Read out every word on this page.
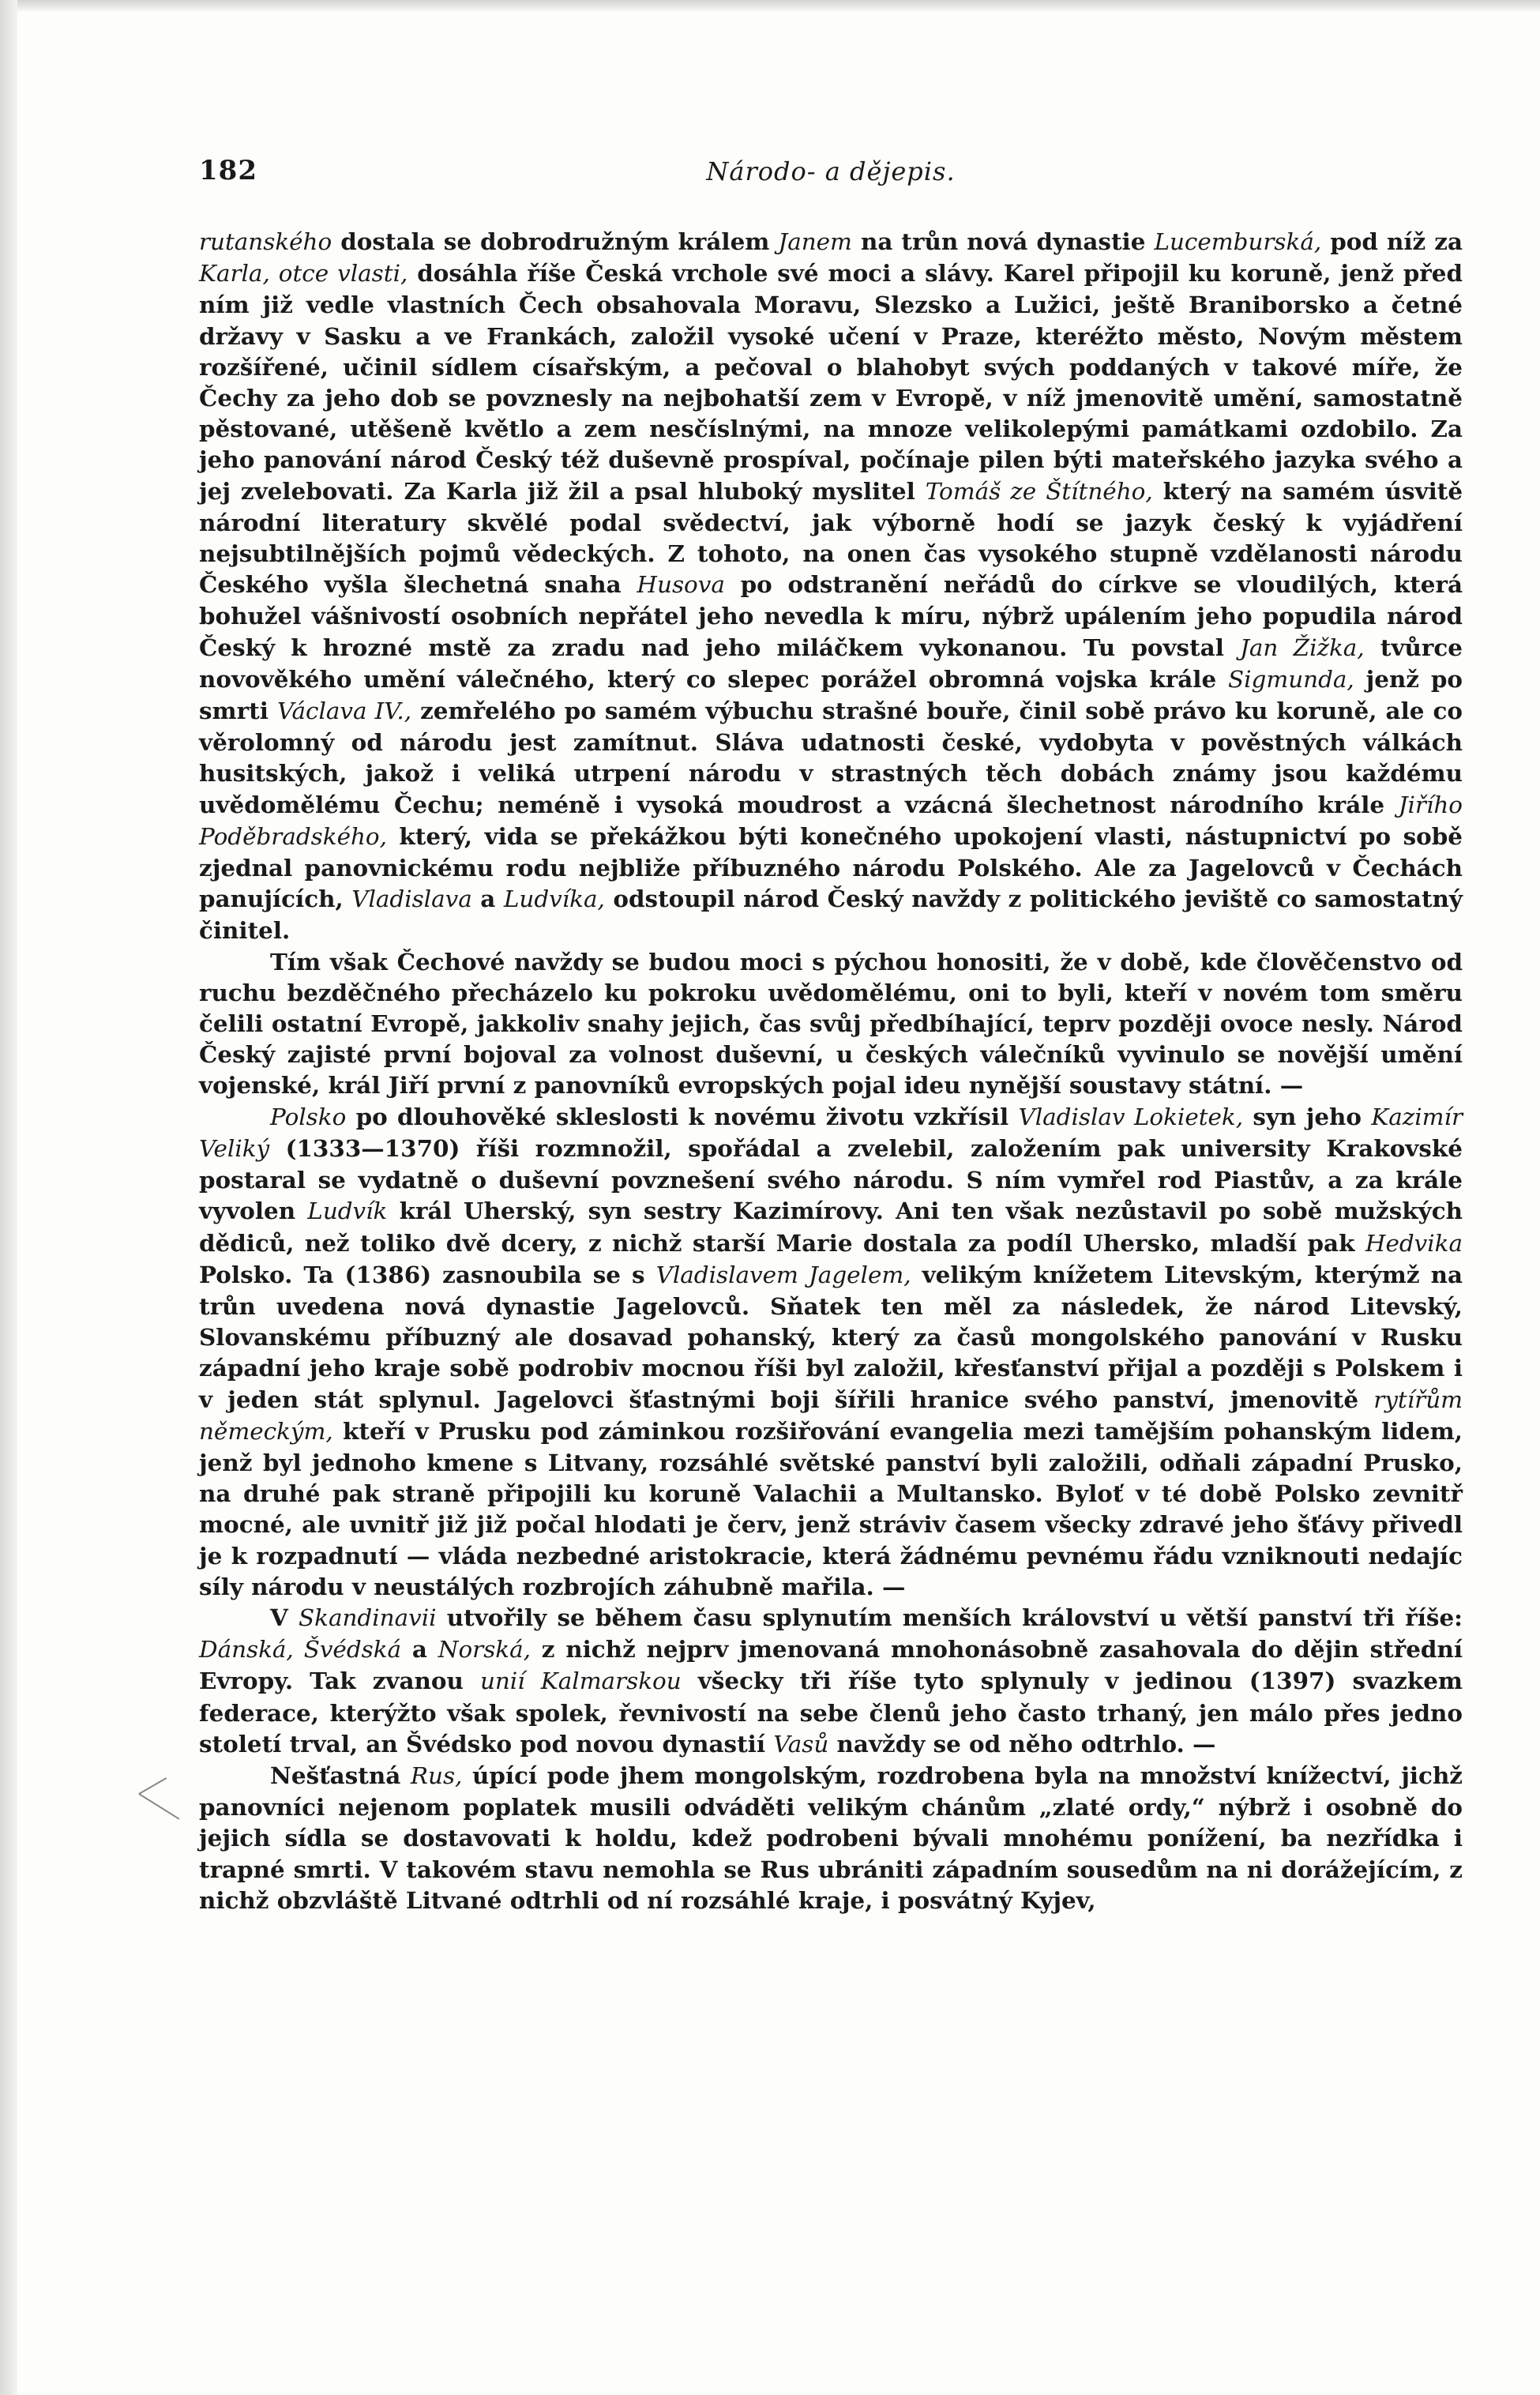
182	Národo- a dějepis.

rutanského dostala se dobrodružným králem Janem na trůn nová dynastie Lucemburská, pod níž za Karla, otce vlasti, dosáhla říše Česká vrchole své moci a slávy. Karel připojil ku koruně, jenž před ním již vedle vlastních Čech obsahovala Moravu, Slezsko a Lužici, ještě Braniborsko a četné državy v Sasku a ve Frankách, založil vysoké učení v Praze, kteréžto město, Novým městem rozšířené, učinil sídlem císařským, a pečoval o blahobyt svých poddaných v takové míře, že Čechy za jeho dob se povznesly na nejbohatší zem v Evropě, v níž jmenovitě umění, samostatně pěstované, utěšeně květlo a zem nesčíslnými, na mnoze velikolepými památkami ozdobilo. Za jeho panování národ Český též duševně prospíval, počínaje pilen býti mateřského jazyka svého a jej zvelebovati. Za Karla již žil a psal hluboký myslitel Tomáš ze Štítného, který na samém úsvitě národní literatury skvělé podal svědectví, jak výborně hodí se jazyk český k vyjádření nejsubtilnějších pojmů vědeckých. Z tohoto, na onen čas vysokého stupně vzdělanosti národu Českého vyšla šlechetná snaha Husova po odstranění neřádů do církve se vloudilých, která bohužel vášnivostí osobních nepřátel jeho nevedla k míru, nýbrž upálením jeho popudila národ Český k hrozné mstě za zradu nad jeho miláčkem vykonanou. Tu povstal Jan Žižka, tvůrce novověkého umění válečného, který co slepec porážel obromná vojska krále Sigmunda, jenž po smrti Václava IV., zemřelého po samém výbuchu strašné bouře, činil sobě právo ku koruně, ale co věrolomný od národu jest zamítnut. Sláva udatnosti české, vydobyta v pověstných válkách husitských, jakož i veliká utrpení národu v strastných těch dobách známy jsou každému uvědomělému Čechu; neméně i vysoká moudrost a vzácná šlechetnost národního krále Jiřího Poděbradského, který, vida se překážkou býti konečného upokojení vlasti, nástupnictví po sobě zjednal panovnickému rodu nejbliže příbuzného národu Polského. Ale za Jagelovců v Čechách panujících, Vladislava a Ludvíka, odstoupil národ Český navždy z politického jeviště co samostatný činitel.

Tím však Čechové navždy se budou moci s pýchou honositi, že v době, kde člověčenstvo od ruchu bezděčného přecházelo ku pokroku uvědomělému, oni to byli, kteří v novém tom směru čelili ostatní Evropě, jakkoliv snahy jejich, čas svůj předbíhající, teprv později ovoce nesly. Národ Český zajisté první bojoval za volnost duševní, u českých válečníků vyvinulo se novější umění vojenské, král Jiří první z panovníků evropských pojal ideu nynější soustavy státní. —

Polsko po dlouhověké skleslosti k novému životu vzkřísil Vladislav Lokietek, syn jeho Kazimír Veliký (1333—1370) říši rozmnožil, spořádal a zvelebil, založením pak university Krakovské postaral se vydatně o duševní povznešení svého národu. S ním vymřel rod Piastův, a za krále vyvolen Ludvík král Uherský, syn sestry Kazimírovy. Ani ten však nezůstavil po sobě mužských dědiců, než toliko dvě dcery, z nichž starší Marie dostala za podíl Uhersko, mladší pak Hedvika Polsko. Ta (1386) zasnoubila se s Vladislavem Jagelem, velikým knížetem Litevským, kterýmž na trůn uvedena nová dynastie Jagelovců. Sňatek ten měl za následek, že národ Litevský, Slovanskému příbuzný ale dosavad pohanský, který za časů mongolského panování v Rusku západní jeho kraje sobě podrobiv mocnou říši byl založil, křesťanství přijal a později s Polskem i v jeden stát splynul. Jagelovci šťastnými boji šířili hranice svého panství, jmenovitě rytířům německým, kteří v Prusku pod záminkou rozšiřování evangelia mezi tamějším pohanským lidem, jenž byl jednoho kmene s Litvany, rozsáhlé světské panství byli založili, odňali západní Prusko, na druhé pak straně připojili ku koruně Valachii a Multansko. Byloť v té době Polsko zevnitř mocné, ale uvnitř již již počal hlodati je červ, jenž stráviv časem všecky zdravé jeho šťávy přivedl je k rozpadnutí — vláda nezbedné aristokracie, která žádnému pevnému řádu vzniknouti nedajíc síly národu v neustálých rozbrojích záhubně mařila. —

V Skandinavii utvořily se během času splynutím menších království u větší panství tři říše: Dánská, Švédská a Norská, z nichž nejprv jmenovaná mnohonásobně zasahovala do dějin střední Evropy. Tak zvanou unií Kalmarskou všecky tři říše tyto splynuly v jedinou (1397) svazkem federace, kterýžto však spolek, řevnivostí na sebe členů jeho často trhaný, jen málo přes jedno století trval, an Švédsko pod novou dynastií Vasů navždy se od něho odtrhlo. —

Nešťastná Rus, úpící pode jhem mongolským, rozdrobena byla na množství knížectví, jichž panovníci nejenom poplatek musili odváděti velikým chánům „zlaté ordy,“ nýbrž i osobně do jejich sídla se dostavovati k holdu, kdež podrobeni bývali mnohému ponížení, ba nezřídka i trapné smrti. V takovém stavu nemohla se Rus ubrániti západním sousedům na ni dorážejícím, z nichž obzvláště Litvané odtrhli od ní rozsáhlé kraje, i posvátný Kyjev,
